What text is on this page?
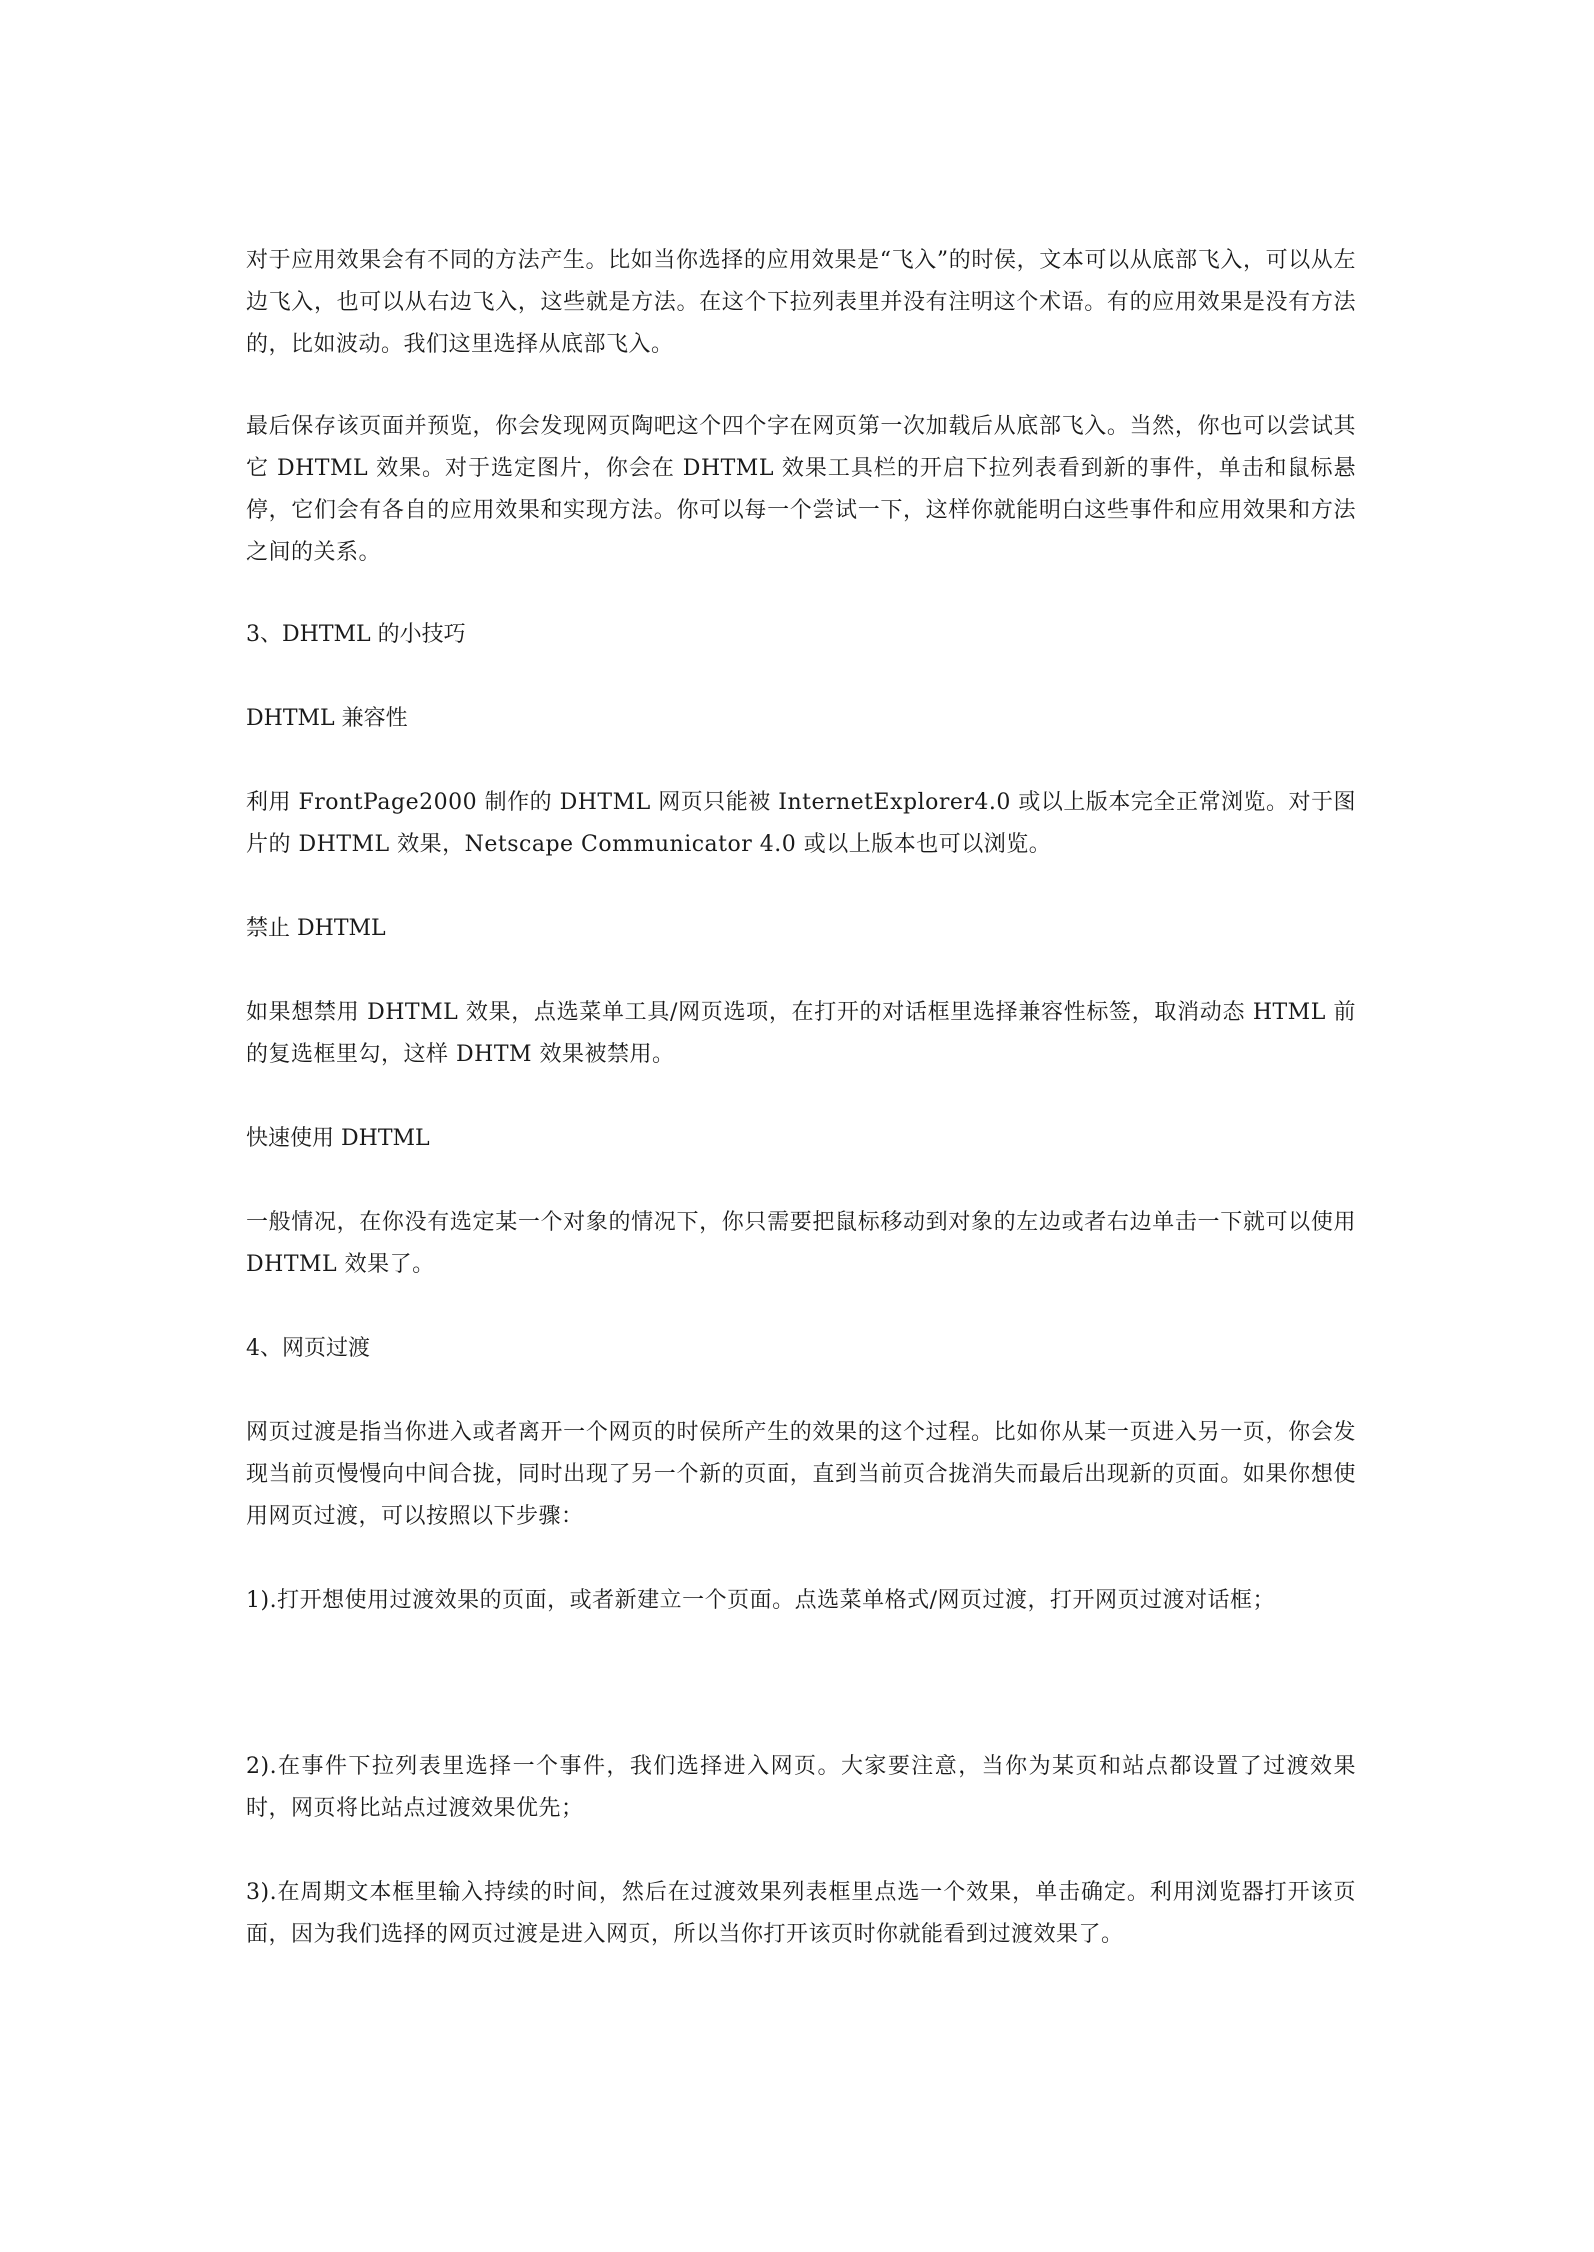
对于应用效果会有不同的方法产生。比如当你选择的应用效果是“飞入”的时侯，文本可以从底部飞入，可以从左边飞入，也可以从右边飞入，这些就是方法。在这个下拉列表里并没有注明这个术语。有的应用效果是没有方法的，比如波动。我们这里选择从底部飞入。

最后保存该页面并预览，你会发现网页陶吧这个四个字在网页第一次加载后从底部飞入。当然，你也可以尝试其它 DHTML 效果。对于选定图片，你会在 DHTML 效果工具栏的开启下拉列表看到新的事件，单击和鼠标悬停，它们会有各自的应用效果和实现方法。你可以每一个尝试一下，这样你就能明白这些事件和应用效果和方法之间的关系。

3、DHTML 的小技巧

DHTML 兼容性

利用 FrontPage2000 制作的 DHTML 网页只能被 InternetExplorer4.0 或以上版本完全正常浏览。对于图片的 DHTML 效果，Netscape Communicator 4.0 或以上版本也可以浏览。

禁止 DHTML

如果想禁用 DHTML 效果，点选菜单工具/网页选项，在打开的对话框里选择兼容性标签，取消动态 HTML 前的复选框里勾，这样 DHTM 效果被禁用。

快速使用 DHTML

一般情况，在你没有选定某一个对象的情况下，你只需要把鼠标移动到对象的左边或者右边单击一下就可以使用 DHTML 效果了。

4、网页过渡

网页过渡是指当你进入或者离开一个网页的时侯所产生的效果的这个过程。比如你从某一页进入另一页，你会发现当前页慢慢向中间合拢，同时出现了另一个新的页面，直到当前页合拢消失而最后出现新的页面。如果你想使用网页过渡，可以按照以下步骤：

1).打开想使用过渡效果的页面，或者新建立一个页面。点选菜单格式/网页过渡，打开网页过渡对话框；

2).在事件下拉列表里选择一个事件，我们选择进入网页。大家要注意，当你为某页和站点都设置了过渡效果时，网页将比站点过渡效果优先；

3).在周期文本框里输入持续的时间，然后在过渡效果列表框里点选一个效果，单击确定。利用浏览器打开该页面，因为我们选择的网页过渡是进入网页，所以当你打开该页时你就能看到过渡效果了。
